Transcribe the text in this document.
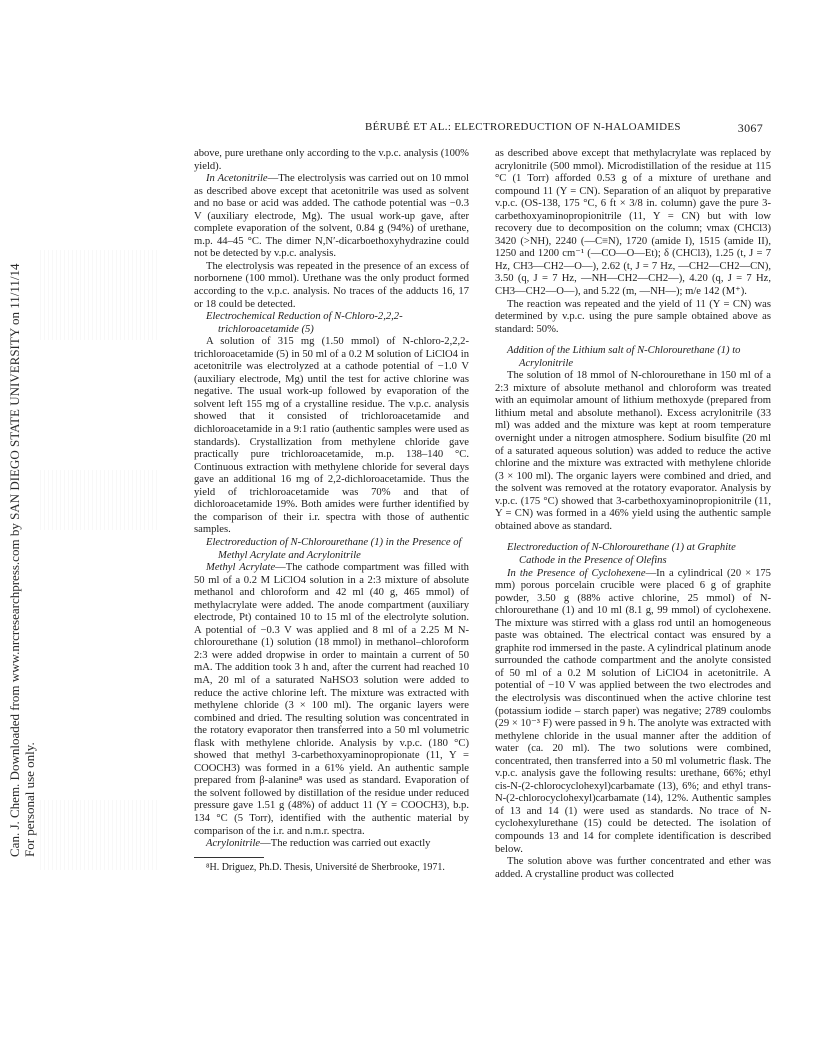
Can. J. Chem. Downloaded from www.nrcresearchpress.com by SAN DIEGO STATE UNIVERSITY on 11/11/14
For personal use only.
BÉRUBÉ ET AL.: ELECTROREDUCTION OF N-HALOAMIDES	3067

above, pure urethane only according to the v.p.c. analysis (100% yield).

In Acetonitrile—The electrolysis was carried out on 10 mmol as described above except that acetonitrile was used as solvent and no base or acid was added. The cathode potential was −0.3 V (auxiliary electrode, Mg). The usual work-up gave, after complete evaporation of the solvent, 0.84 g (94%) of urethane, m.p. 44–45 °C. The dimer N,N′-dicarboethoxyhydrazine could not be detected by v.p.c. analysis.

The electrolysis was repeated in the presence of an excess of norbornene (100 mmol). Urethane was the only product formed according to the v.p.c. analysis. No traces of the adducts 16, 17 or 18 could be detected.

Electrochemical Reduction of N-Chloro-2,2,2-trichloroacetamide (5)

A solution of 315 mg (1.50 mmol) of N-chloro-2,2,2-trichloroacetamide (5) in 50 ml of a 0.2 M solution of LiClO4 in acetonitrile was electrolyzed at a cathode potential of −1.0 V (auxiliary electrode, Mg) until the test for active chlorine was negative. The usual work-up followed by evaporation of the solvent left 155 mg of a crystalline residue. The v.p.c. analysis showed that it consisted of trichloroacetamide and dichloroacetamide in a 9:1 ratio (authentic samples were used as standards). Crystallization from methylene chloride gave practically pure trichloroacetamide, m.p. 138–140 °C. Continuous extraction with methylene chloride for several days gave an additional 16 mg of 2,2-dichloroacetamide. Thus the yield of trichloroacetamide was 70% and that of dichloroacetamide 19%. Both amides were further identified by the comparison of their i.r. spectra with those of authentic samples.

Electroreduction of N-Chlorourethane (1) in the Presence of Methyl Acrylate and Acrylonitrile

Methyl Acrylate—The cathode compartment was filled with 50 ml of a 0.2 M LiClO4 solution in a 2:3 mixture of absolute methanol and chloroform and 42 ml (40 g, 465 mmol) of methylacrylate were added. The anode compartment (auxiliary electrode, Pt) contained 10 to 15 ml of the electrolyte solution. A potential of −0.3 V was applied and 8 ml of a 2.25 M N-chlorourethane (1) solution (18 mmol) in methanol–chloroform 2:3 were added dropwise in order to maintain a current of 50 mA. The addition took 3 h and, after the current had reached 10 mA, 20 ml of a saturated NaHSO3 solution were added to reduce the active chlorine left. The mixture was extracted with methylene chloride (3 × 100 ml). The organic layers were combined and dried. The resulting solution was concentrated in the rotatory evaporator then transferred into a 50 ml volumetric flask with methylene chloride. Analysis by v.p.c. (180 °C) showed that methyl 3-carbethoxyaminopropionate (11, Y = COOCH3) was formed in a 61% yield. An authentic sample prepared from β-alanine⁸ was used as standard. Evaporation of the solvent followed by distillation of the residue under reduced pressure gave 1.51 g (48%) of adduct 11 (Y = COOCH3), b.p. 134 °C (5 Torr), identified with the authentic material by comparison of the i.r. and n.m.r. spectra.

Acrylonitrile—The reduction was carried out exactly

⁸H. Driguez, Ph.D. Thesis, Université de Sherbrooke, 1971.

as described above except that methylacrylate was replaced by acrylonitrile (500 mmol). Microdistillation of the residue at 115 °C (1 Torr) afforded 0.53 g of a mixture of urethane and compound 11 (Y = CN). Separation of an aliquot by preparative v.p.c. (OS-138, 175 °C, 6 ft × 3/8 in. column) gave the pure 3-carbethoxyaminopropionitrile (11, Y = CN) but with low recovery due to decomposition on the column; νmax (CHCl3) 3420 (>NH), 2240 (—C≡N), 1720 (amide I), 1515 (amide II), 1250 and 1200 cm⁻¹ (—CO—O—Et); δ (CHCl3), 1.25 (t, J = 7 Hz, CH3—CH2—O—), 2.62 (t, J = 7 Hz, —CH2—CH2—CN), 3.50 (q, J = 7 Hz, —NH—CH2—CH2—), 4.20 (q, J = 7 Hz, CH3—CH2—O—), and 5.22 (m, —NH—); m/e 142 (M⁺).

The reaction was repeated and the yield of 11 (Y = CN) was determined by v.p.c. using the pure sample obtained above as standard: 50%.

Addition of the Lithium salt of N-Chlorourethane (1) to Acrylonitrile

The solution of 18 mmol of N-chlorourethane in 150 ml of a 2:3 mixture of absolute methanol and chloroform was treated with an equimolar amount of lithium methoxyde (prepared from lithium metal and absolute methanol). Excess acrylonitrile (33 ml) was added and the mixture was kept at room temperature overnight under a nitrogen atmosphere. Sodium bisulfite (20 ml of a saturated aqueous solution) was added to reduce the active chlorine and the mixture was extracted with methylene chloride (3 × 100 ml). The organic layers were combined and dried, and the solvent was removed at the rotatory evaporator. Analysis by v.p.c. (175 °C) showed that 3-carbethoxyaminopropionitrile (11, Y = CN) was formed in a 46% yield using the authentic sample obtained above as standard.

Electroreduction of N-Chlorourethane (1) at Graphite Cathode in the Presence of Olefins

In the Presence of Cyclohexene—In a cylindrical (20 × 175 mm) porous porcelain crucible were placed 6 g of graphite powder, 3.50 g (88% active chlorine, 25 mmol) of N-chlorourethane (1) and 10 ml (8.1 g, 99 mmol) of cyclohexene. The mixture was stirred with a glass rod until an homogeneous paste was obtained. The electrical contact was ensured by a graphite rod immersed in the paste. A cylindrical platinum anode surrounded the cathode compartment and the anolyte consisted of 50 ml of a 0.2 M solution of LiClO4 in acetonitrile. A potential of −10 V was applied between the two electrodes and the electrolysis was discontinued when the active chlorine test (potassium iodide – starch paper) was negative; 2789 coulombs (29 × 10⁻³ F) were passed in 9 h. The anolyte was extracted with methylene chloride in the usual manner after the addition of water (ca. 20 ml). The two solutions were combined, concentrated, then transferred into a 50 ml volumetric flask. The v.p.c. analysis gave the following results: urethane, 66%; ethyl cis-N-(2-chlorocyclohexyl)carbamate (13), 6%; and ethyl trans-N-(2-chlorocyclohexyl)carbamate (14), 12%. Authentic samples of 13 and 14 (1) were used as standards. No trace of N-cyclohexylurethane (15) could be detected. The isolation of compounds 13 and 14 for complete identification is described below.

The solution above was further concentrated and ether was added. A crystalline product was collected
